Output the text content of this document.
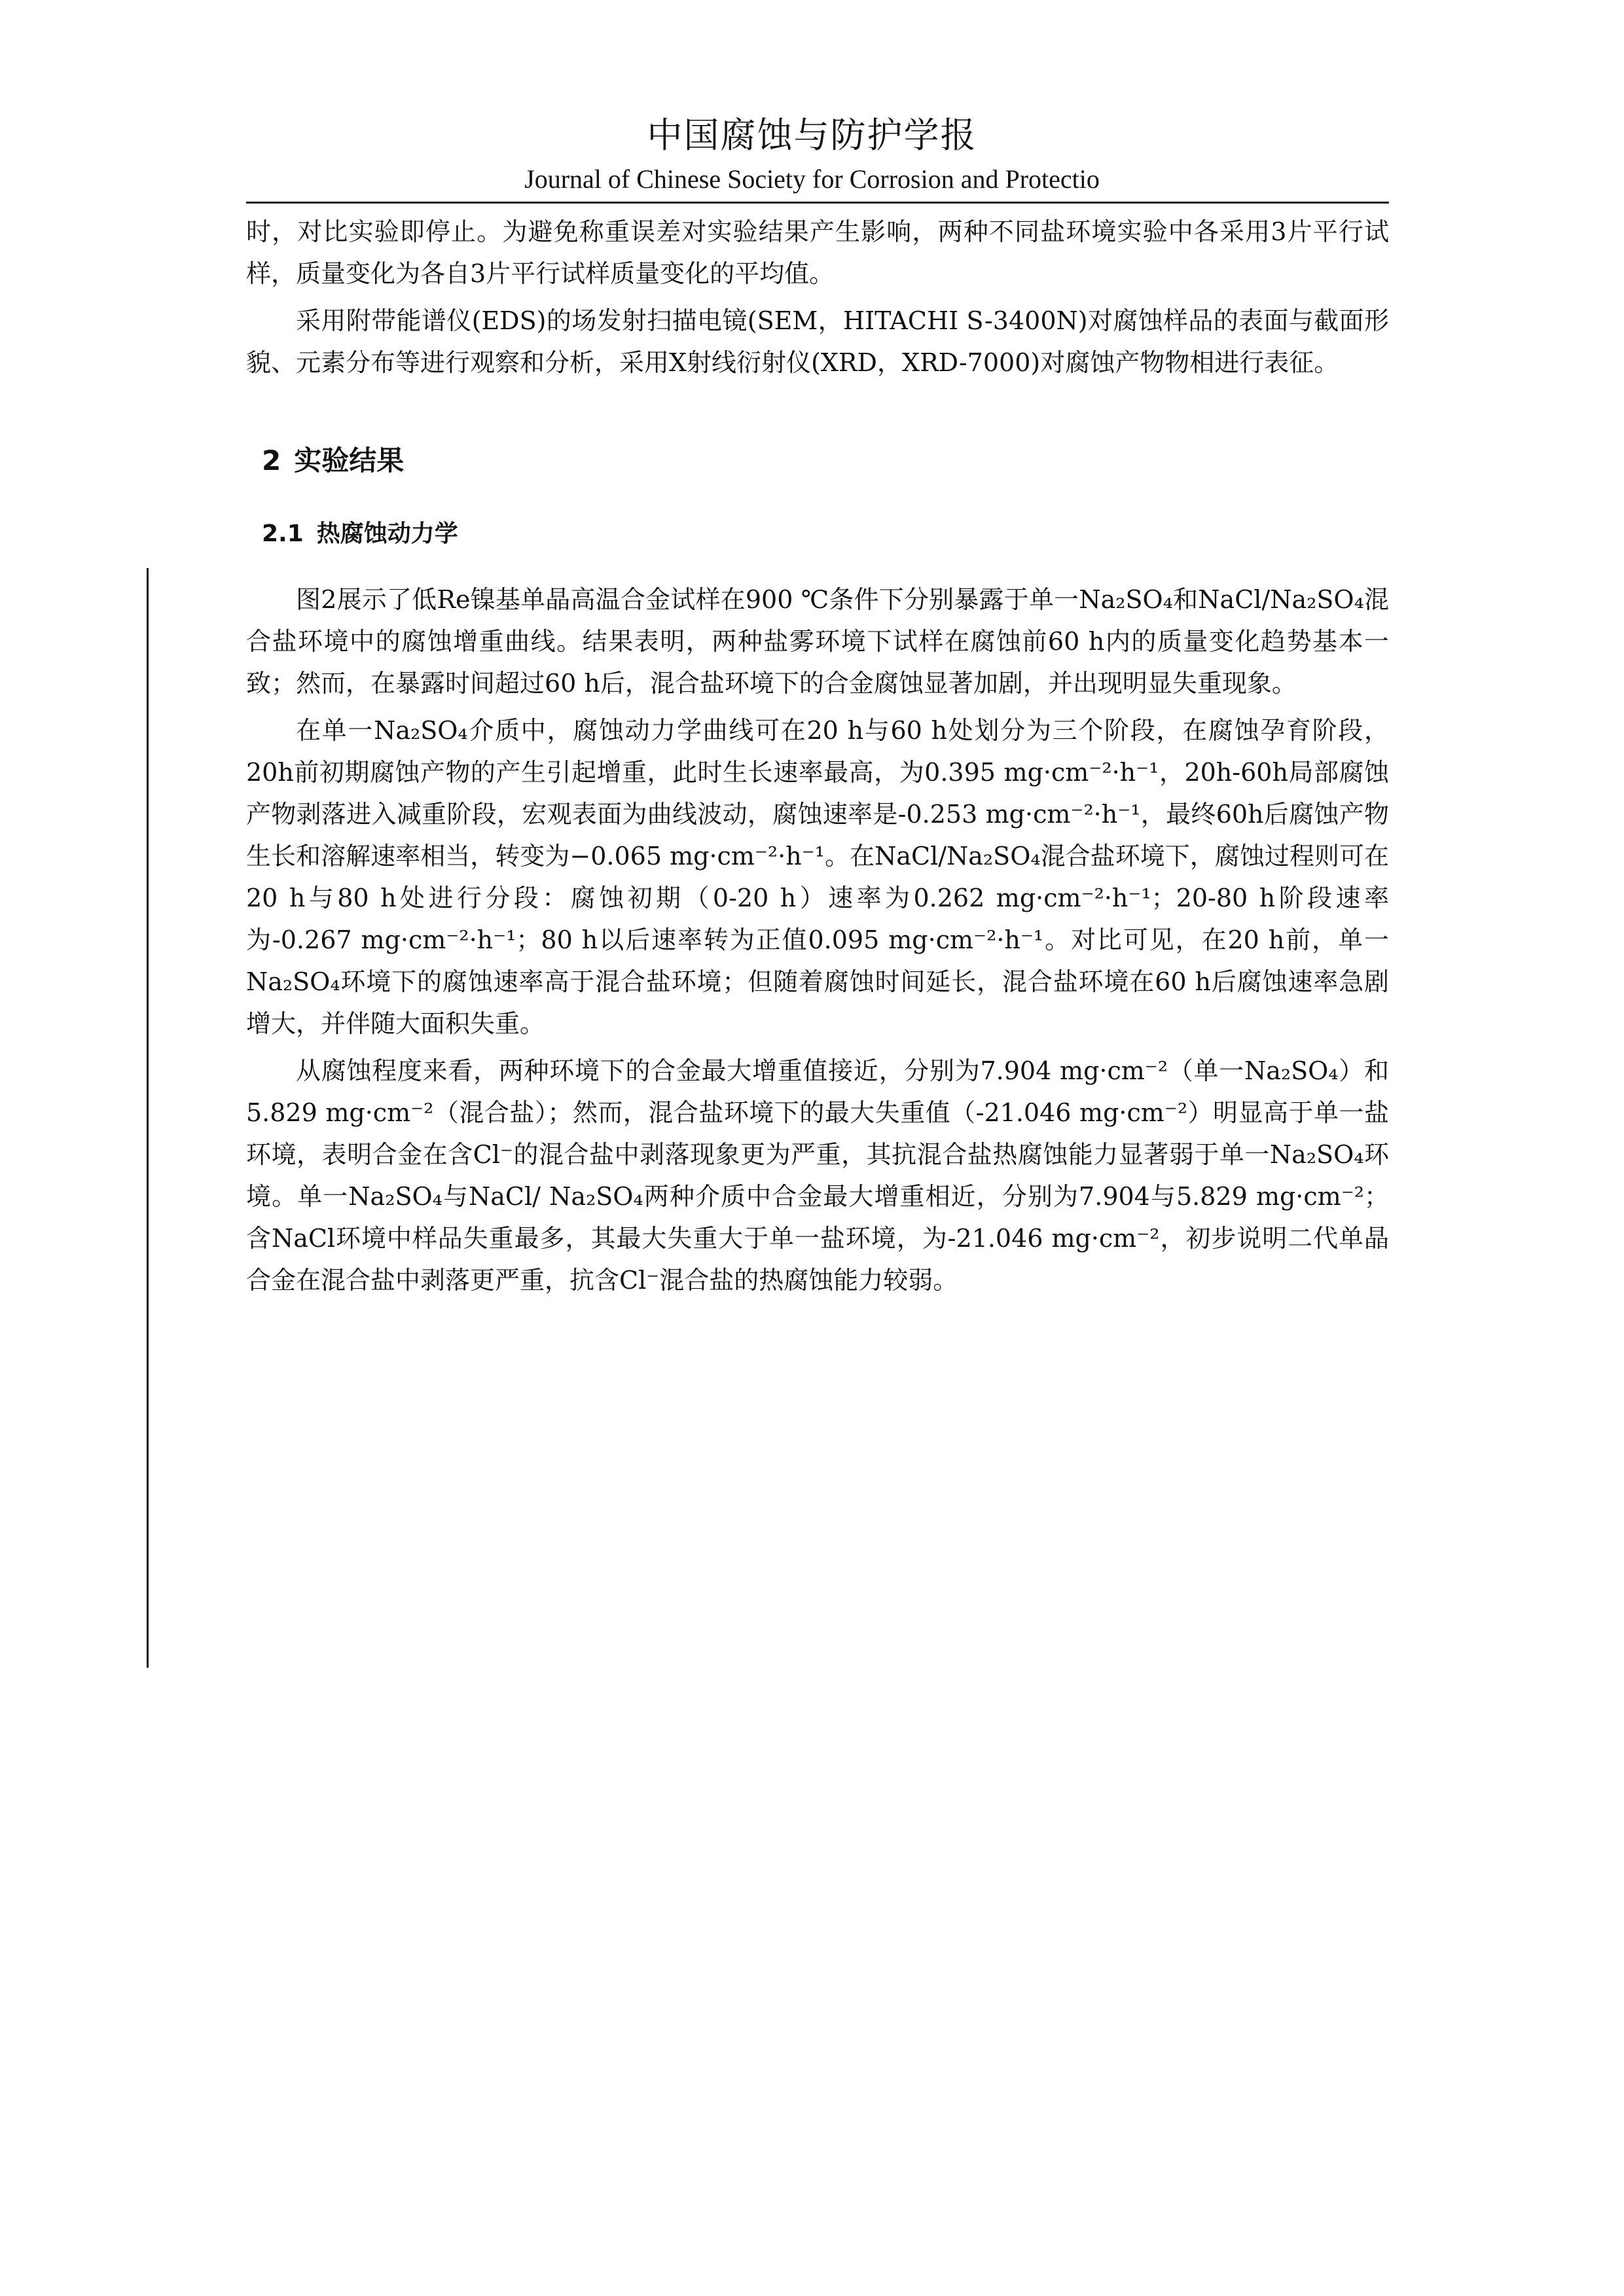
中国腐蚀与防护学报
Journal of Chinese Society for Corrosion and Protectio

时，对比实验即停止。为避免称重误差对实验结果产生影响，两种不同盐环境实验中各采用3片平行试样，质量变化为各自3片平行试样质量变化的平均值。

采用附带能谱仪(EDS)的场发射扫描电镜(SEM，HITACHI S-3400N)对腐蚀样品的表面与截面形貌、元素分布等进行观察和分析，采用X射线衍射仪(XRD，XRD-7000)对腐蚀产物物相进行表征。

2 实验结果
2.1 热腐蚀动力学

图2展示了低Re镍基单晶高温合金试样在900 ℃条件下分别暴露于单一Na₂SO₄和NaCl/Na₂SO₄混合盐环境中的腐蚀增重曲线。结果表明，两种盐雾环境下试样在腐蚀前60 h内的质量变化趋势基本一致；然而，在暴露时间超过60 h后，混合盐环境下的合金腐蚀显著加剧，并出现明显失重现象。

在单一Na₂SO₄介质中，腐蚀动力学曲线可在20 h与60 h处划分为三个阶段，在腐蚀孕育阶段，20h前初期腐蚀产物的产生引起增重，此时生长速率最高，为0.395 mg·cm⁻²·h⁻¹，20h-60h局部腐蚀产物剥落进入减重阶段，宏观表面为曲线波动，腐蚀速率是-0.253 mg·cm⁻²·h⁻¹，最终60h后腐蚀产物生长和溶解速率相当，转变为−0.065 mg·cm⁻²·h⁻¹。在NaCl/Na₂SO₄混合盐环境下，腐蚀过程则可在20 h与80 h处进行分段：腐蚀初期（0-20 h）速率为0.262 mg·cm⁻²·h⁻¹；20-80 h阶段速率为-0.267 mg·cm⁻²·h⁻¹；80 h以后速率转为正值0.095 mg·cm⁻²·h⁻¹。对比可见，在20 h前，单一Na₂SO₄环境下的腐蚀速率高于混合盐环境；但随着腐蚀时间延长，混合盐环境在60 h后腐蚀速率急剧增大，并伴随大面积失重。

从腐蚀程度来看，两种环境下的合金最大增重值接近，分别为7.904 mg·cm⁻²（单一Na₂SO₄）和5.829 mg·cm⁻²（混合盐）；然而，混合盐环境下的最大失重值（-21.046 mg·cm⁻²）明显高于单一盐环境，表明合金在含Cl⁻的混合盐中剥落现象更为严重，其抗混合盐热腐蚀能力显著弱于单一Na₂SO₄环境。单一Na₂SO₄与NaCl/ Na₂SO₄两种介质中合金最大增重相近，分别为7.904与5.829 mg·cm⁻²；含NaCl环境中样品失重最多，其最大失重大于单一盐环境，为-21.046 mg·cm⁻²，初步说明二代单晶合金在混合盐中剥落更严重，抗含Cl⁻混合盐的热腐蚀能力较弱。
